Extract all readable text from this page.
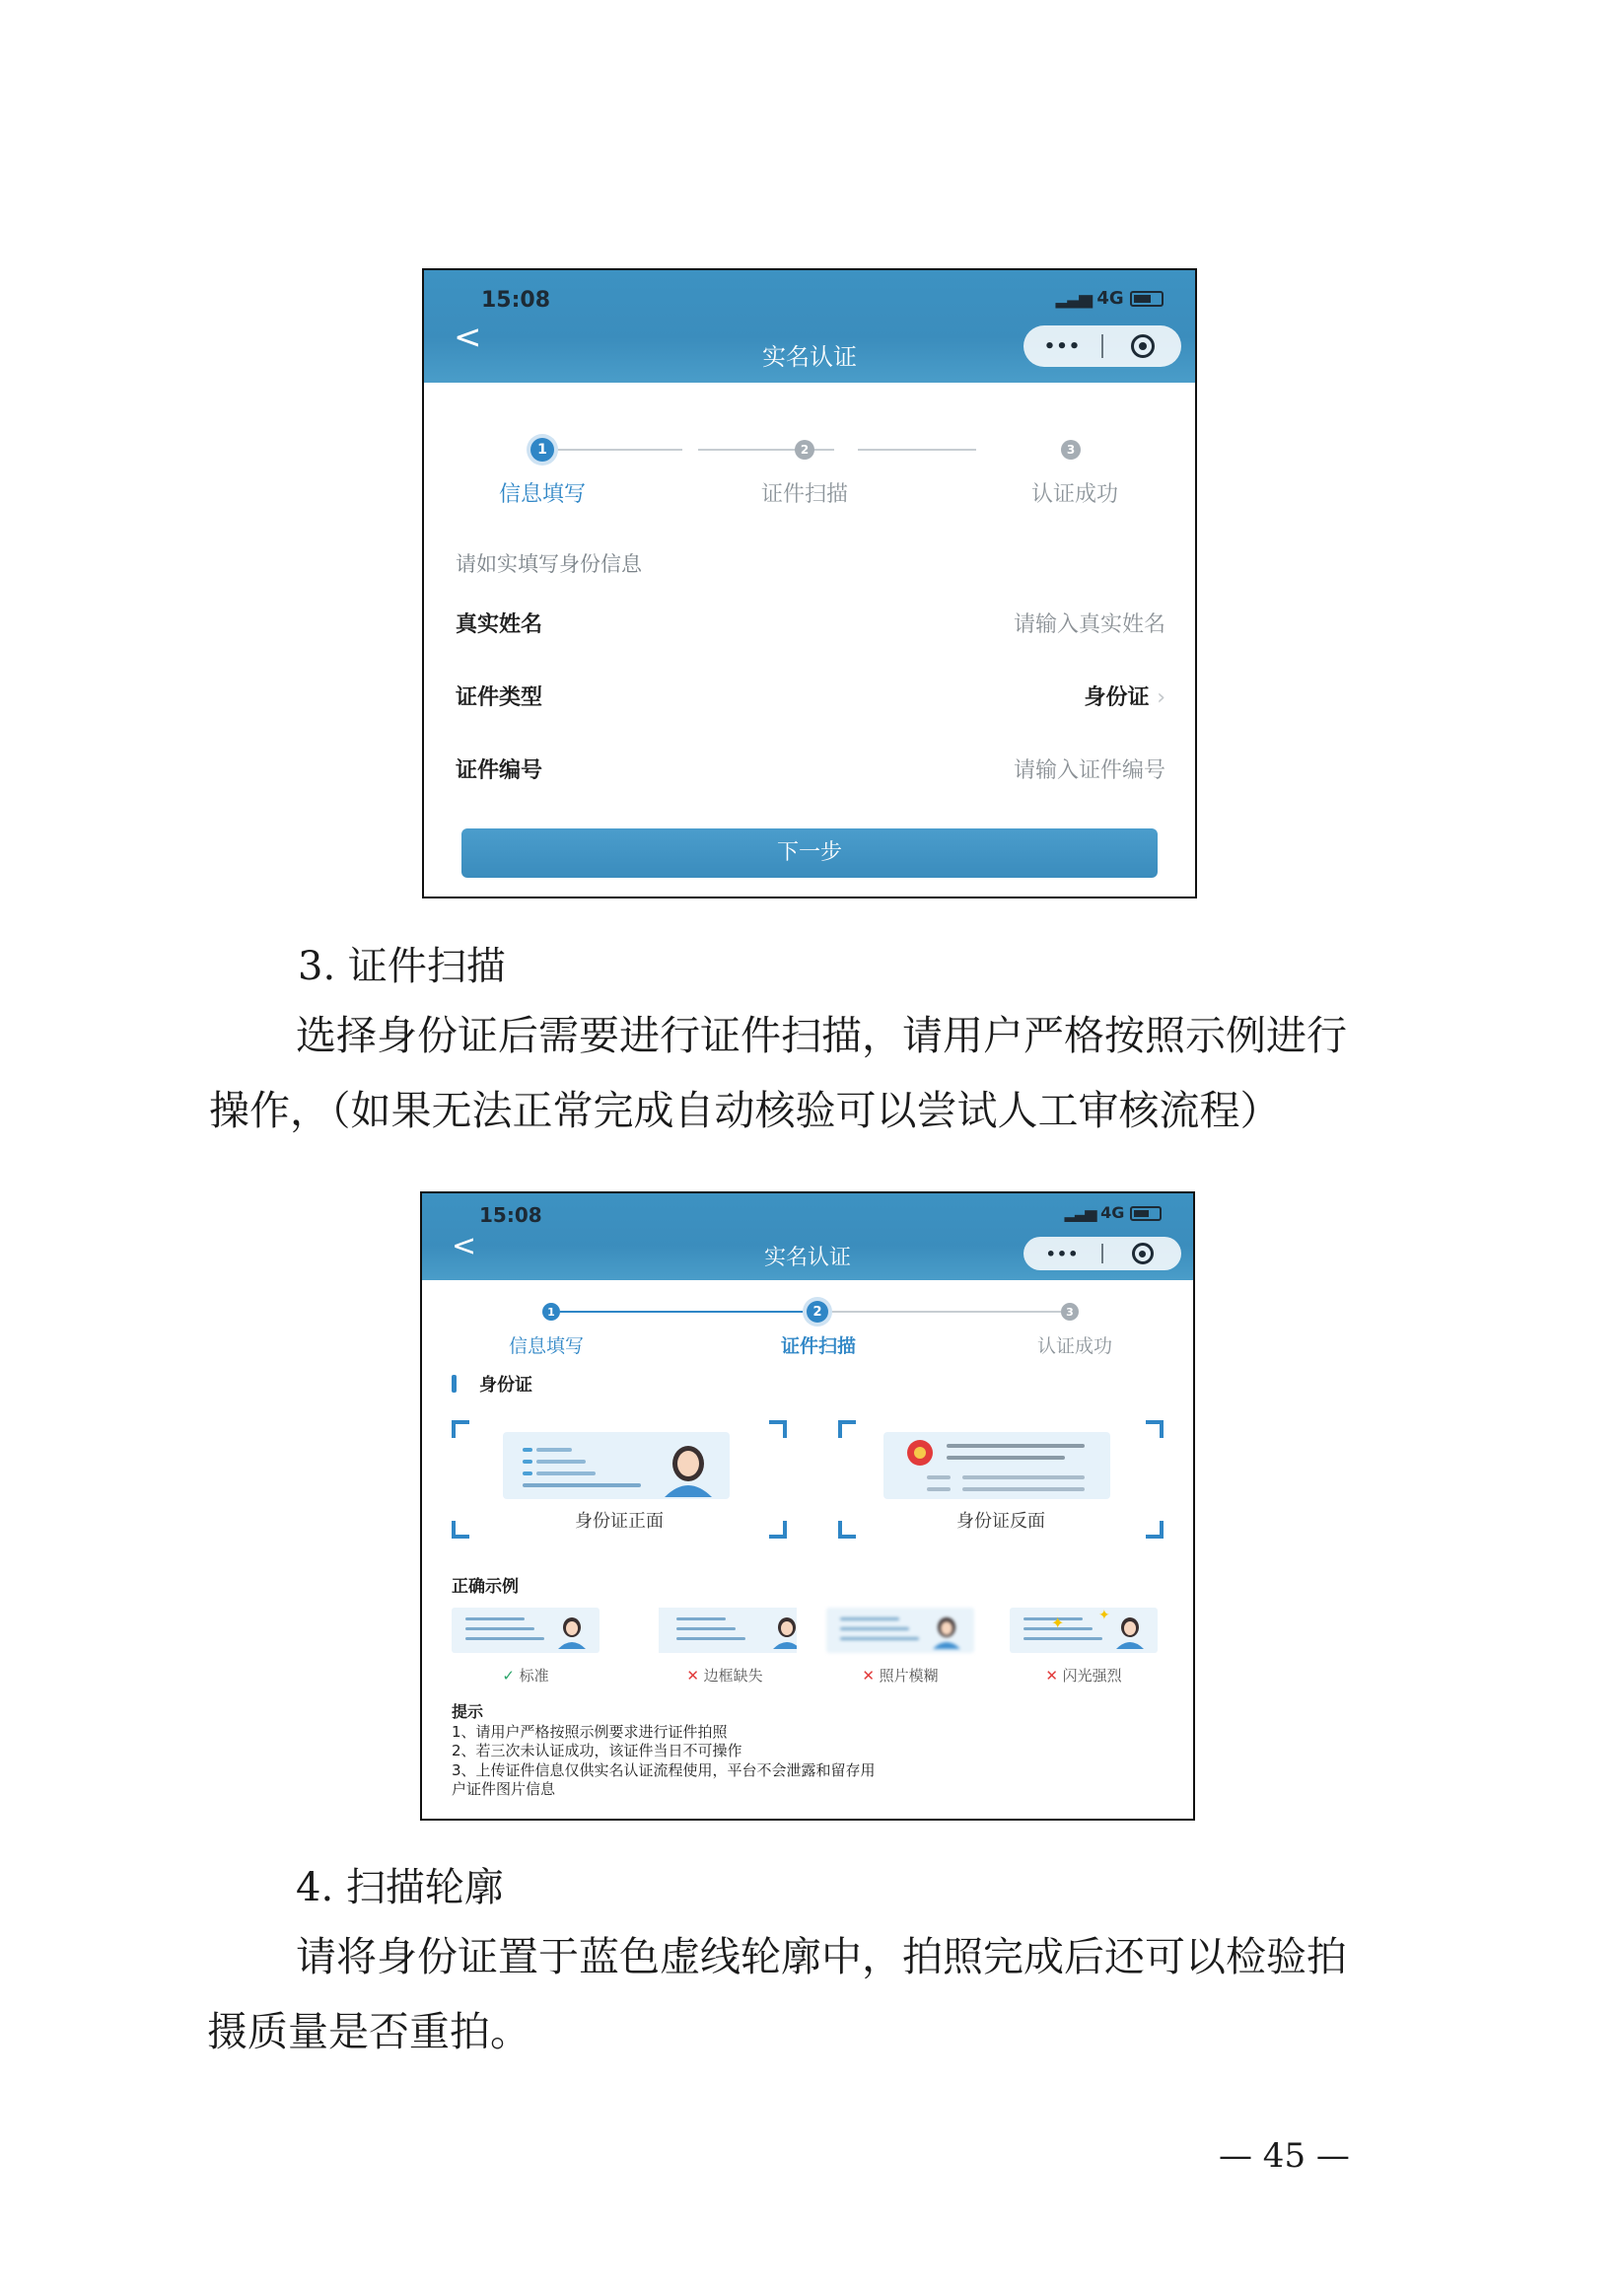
15:08	▂▃▅ 4G
<	实名认证	•••
1	2	3
信息填写	证件扫描	认证成功
请如实填写身份信息
真实姓名	请输入真实姓名
证件类型	身份证 ›
证件编号	请输入证件编号
下一步
3. 证件扫描
选择身份证后需要进行证件扫描，请用户严格按照示例进行
操作，（如果无法正常完成自动核验可以尝试人工审核流程）
15:08	▂▃▅ 4G
<	实名认证	•••
1	2	3
信息填写	证件扫描	认证成功
身份证
身份证正面	身份证反面
正确示例
✦ ✦
✓ 标准	✕ 边框缺失	✕ 照片模糊	✕ 闪光强烈
提示
1、请用户严格按照示例要求进行证件拍照
2、若三次未认证成功，该证件当日不可操作
3、上传证件信息仅供实名认证流程使用，平台不会泄露和留存用
户证件图片信息
4. 扫描轮廓
请将身份证置于蓝色虚线轮廓中，拍照完成后还可以检验拍
摄质量是否重拍。
— 45 —
